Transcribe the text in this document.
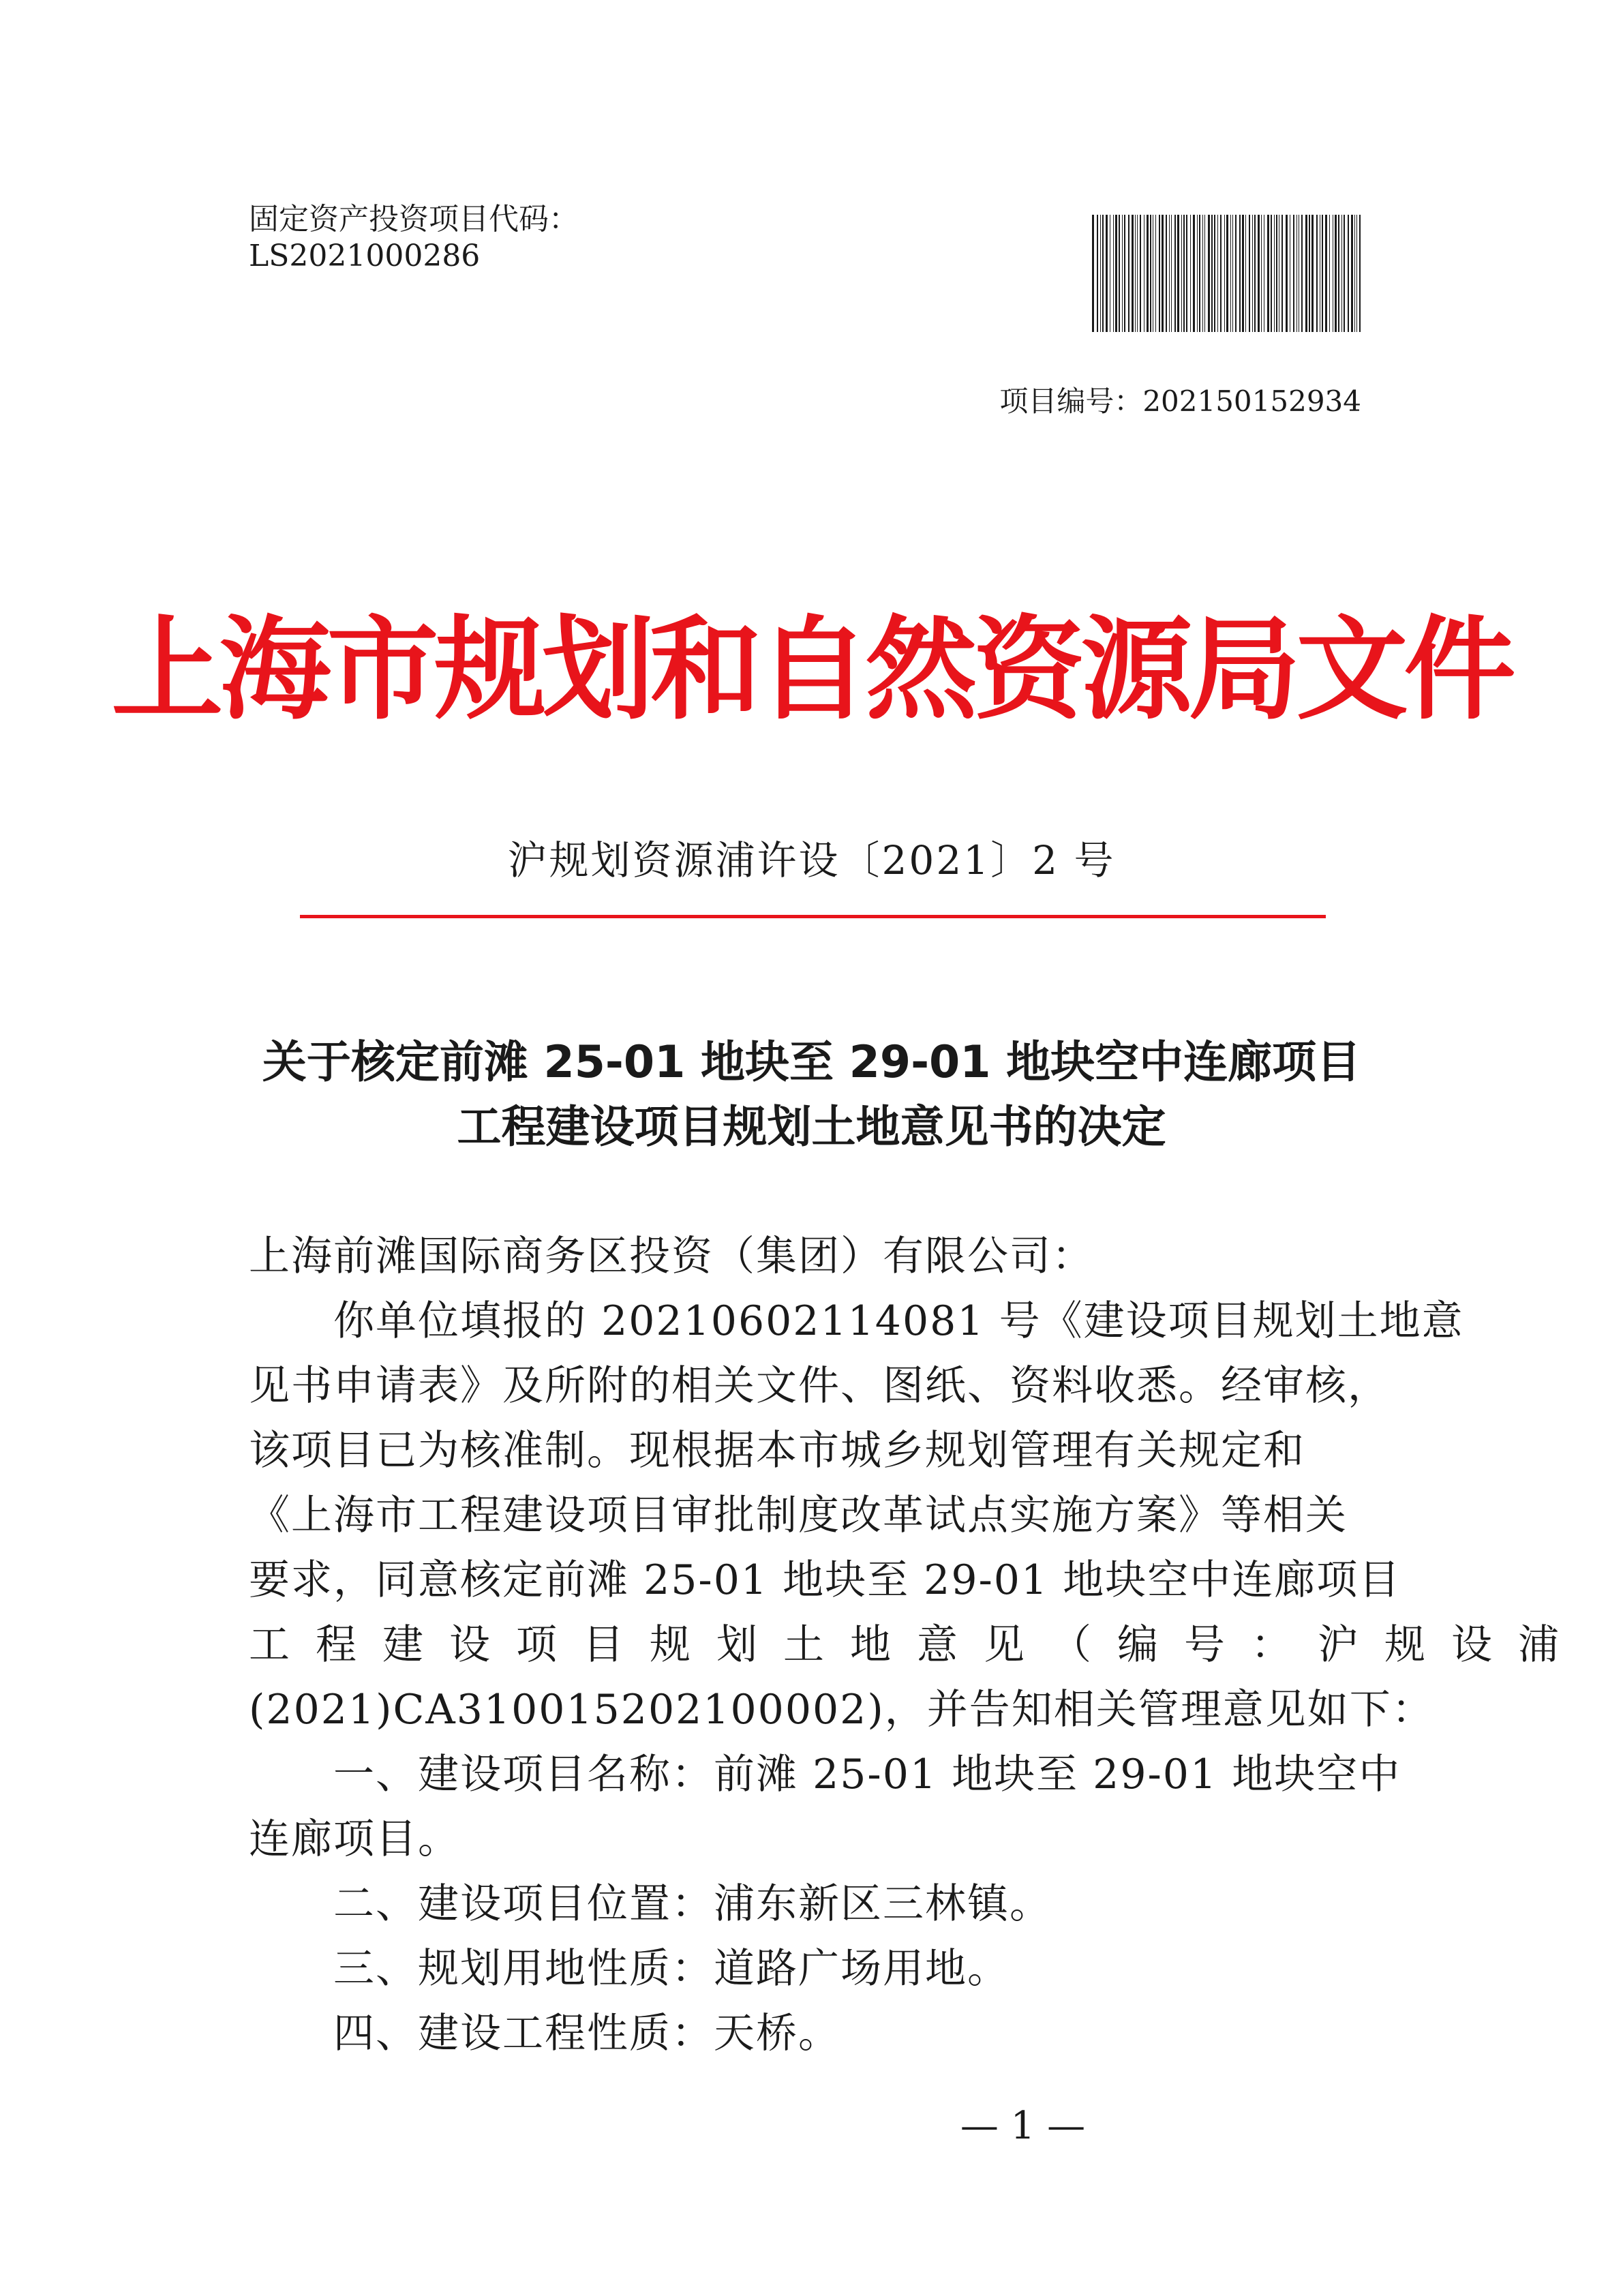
固定资产投资项目代码：
LS2021000286
项目编号：202150152934
上海市规划和自然资源局文件
沪规划资源浦许设〔2021〕2 号
关于核定前滩 25-01 地块至 29-01 地块空中连廊项目
工程建设项目规划土地意见书的决定
上海前滩国际商务区投资（集团）有限公司：
　　你单位填报的 20210602114081 号《建设项目规划土地意
见书申请表》及所附的相关文件、图纸、资料收悉。经审核，
该项目已为核准制。现根据本市城乡规划管理有关规定和
《上海市工程建设项目审批制度改革试点实施方案》等相关
要求，同意核定前滩 25-01 地块至 29-01 地块空中连廊项目
工程建设项目规划土地意见（编号：沪规设浦
(2021)CA310015202100002)，并告知相关管理意见如下：
　　一、建设项目名称：前滩 25-01 地块至 29-01 地块空中
连廊项目。
　　二、建设项目位置：浦东新区三林镇。
　　三、规划用地性质：道路广场用地。
　　四、建设工程性质：天桥。
— 1 —
